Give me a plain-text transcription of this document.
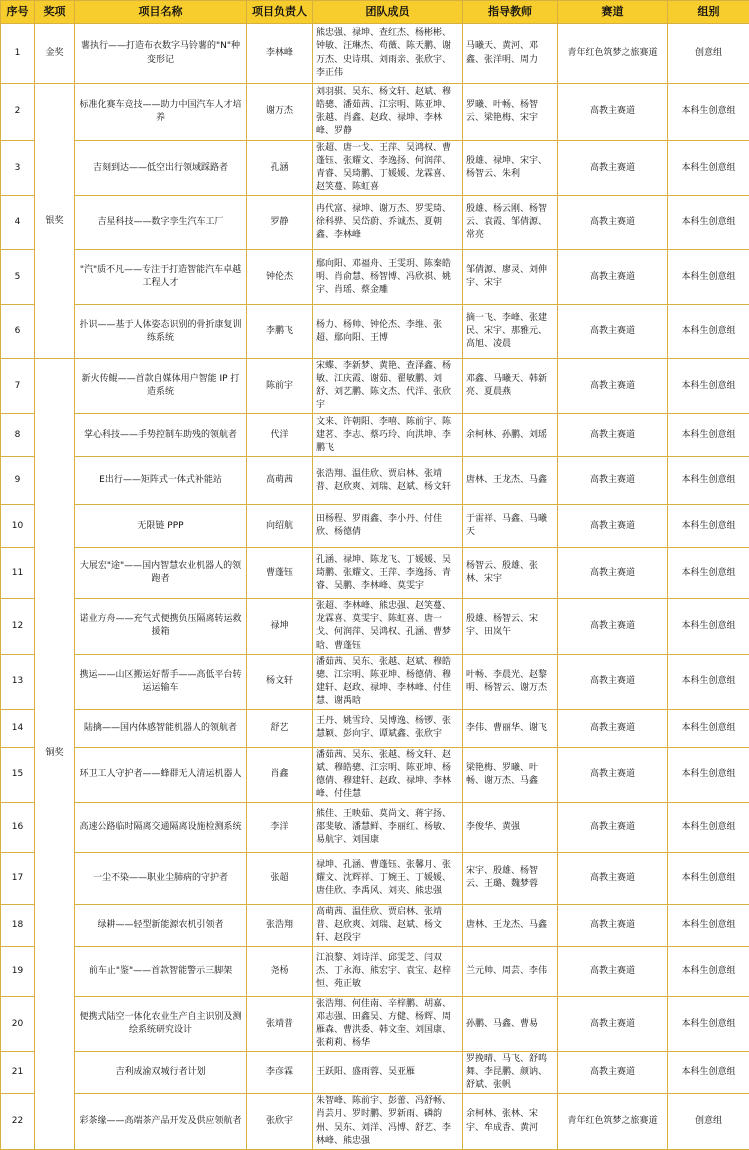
序号	奖项	项目名称	项目负责人	团队成员	指导教师	赛道	组别
1	金奖	薯执行——打造布衣数字马铃薯的"N"种变形记	李林峰	熊忠强、禄坤、查红杰、杨彬彬、钟敏、汪琳杰、苟薇、陈天鹏、谢万杰、史诗琪、刘雨亲、张欣宇、李正伟	马曦天、黄河、邓鑫、张洋明、周力	青年红色筑梦之旅赛道	创意组
2	银奖	标准化赛车竞技——助力中国汽车人才培养	谢万杰	刘羽骐、吴东、杨文轩、赵斌、穆皓骢、潘茹茜、江宗明、陈亚坤、张越、肖鑫、赵政、禄坤、李林峰、罗静	罗曦、叶畅、杨智云、梁艳梅、宋宇	高教主赛道	本科生创意组
3		吉刻到达——低空出行领域踩路者	孔涵	张超、唐一戈、王萍、吴鸿权、曹蓬钰、张耀文、李逸扬、何润萍、青睿、吴琦鹏、丁媛媛、龙霖喜、赵笑蔓、陈虹喜	殷雄、禄坤、宋宇、杨智云、朱利	高教主赛道	本科生创意组
4		吉星科技——数字孪生汽车工厂	罗静	冉代富、禄坤、谢万杰、罗雯琦、徐科骅、吴岱蔚、乔诚杰、夏朝鑫、李林峰	殷雄、杨云刚、杨智云、袁霞、邹倩源、常亮	高教主赛道	本科生创意组
5		"汽"质不凡——专注于打造智能汽车卓越工程人才	钟伦杰	鄢向阳、邓福舟、王雯玥、陈秦皓明、肖俞慧、杨智博、冯欣祺、姚宇、肖瑶、蔡金雕	邹倩源、廖灵、刘伸宇、宋宇	高教主赛道	本科生创意组
6		扑识——基于人体姿态识别的骨折康复训练系统	李鹏飞	杨力、杨帅、钟伦杰、李维、张超、鄢向阳、王博	摘一飞、李峰、张建民、宋宇、那雅元、高旭、凌晨	高教主赛道	本科生创意组
7	铜奖	新火传鲲——首款自媒体用户智能 IP 打造系统	陈前宇	宋蝶、李新梦、黄艳、查泽鑫、杨敏、江庆霞、谢茹、翟敏鹏、刘舒、刘艺鹏、陈文杰、代洋、张欣宇	邓鑫、马曦天、韩新亮、夏晨燕	高教主赛道	本科生创意组
8		掌心科技——手势控制车助残的领航者	代洋	文来、许朝阳、李嘻、陈前宇、陈建茗、李志、蔡巧玲、向洪坤、李鹏飞	余柯林、孙鹏、刘瑶	高教主赛道	本科生创意组
9		E出行——矩阵式一体式补能站	高萌茜	张浩翔、温佳欣、贾启林、张靖普、赵欣爽、刘瑞、赵斌、杨文轩	唐林、王龙杰、马鑫	高教主赛道	本科生创意组
10		无限链 PPP	向绍航	田杨程、罗雨鑫、李小丹、付佳欣、杨德倩	于雷祥、马鑫、马曦天	高教主赛道	本科生创意组
11		大展宏"途"——国内智慧农业机器人的领跑者	曹蓬钰	孔涵、禄坤、陈龙飞、丁媛媛、吴琦鹏、张耀文、王萍、李逸扬、青睿、吴鹏、李林峰、莫雯宇	杨智云、殷雄、张林、宋宇	高教主赛道	本科生创意组
12		诺业方舟——充气式便携负压隔离转运救援箱	禄坤	张超、李林峰、熊忠强、赵笑蔓、龙霖喜、莫雯宇、陈虹喜、唐一戈、何润萍、吴鸿权、孔涵、曹梦晗、曹蓬钰	殷雄、杨智云、宋宇、田岚午	高教主赛道	本科生创意组
13		携运——山区搬运好帮手——高低平台转运运输车	杨文轩	潘茹茜、吴东、张越、赵斌、穆皓骢、江宗明、陈亚坤、杨德倩、穆建轩、赵政、禄坤、李林峰、付佳慧、谢禹晗	叶畅、李晨光、赵黎明、杨智云、谢万杰	高教主赛道	本科生创意组
14		陆擒——国内体感智能机器人的领航者	舒艺	王丹、姚雪玲、吴博逸、杨锣、张慧颖、彭向宇、谭斌鑫、张欣宇	李伟、曹丽华、谢飞	高教主赛道	本科生创意组
15		环卫工人守护者——蜂群无人清运机器人	肖鑫	潘茹茜、吴东、张越、杨文轩、赵斌、穆皓骢、江宗明、陈亚坤、杨德倩、穆建轩、赵政、禄坤、李林峰、付佳慧	梁艳梅、罗曦、叶畅、谢万杰、马鑫	高教主赛道	本科生创意组
16		高速公路临时隔离交通隔离设施检测系统	李洋	熊佳、王映茹、莫尚文、蒋宇扬、邵斐敏、潘慧鲜、李丽红、杨敏、易航宇、刘国康	李俊华、黄强	高教主赛道	本科生创意组
17		一尘不染——职业尘肺病的守护者	张超	禄坤、孔涵、曹蓬钰、张馨月、张耀文、沈辉祥、丁婉王、丁媛媛、唐佳欣、李禹风、刘夹、熊忠强	宋宇、殷雄、杨智云、王璐、魏梦蓉	高教主赛道	本科生创意组
18		绿耕——轻型新能源农机引领者	张浩翔	高萌茜、温佳欣、贾启林、张靖普、赵欣爽、刘瑞、赵斌、杨文轩、赵段宇	唐林、王龙杰、马鑫	高教主赛道	本科生创意组
19		前车止"鉴"——首款智能警示三脚架	尧杨	江浪黎、刘诗洋、邱雯芝、闫双杰、丁永海、熊宏宇、袁宝、赵梓恒、苑正敏	兰元帅、周芸、李伟	高教主赛道	本科生创意组
20		便携式陆空一体化农业生产自主识别及测绘系统研究设计	张靖普	张浩翔、何佳南、辛梓鹏、胡嘉、邓志强、田鑫吴、方健、杨辉、周雁森、曹洪委、韩文奎、刘国康、张莉莉、杨华	孙鹏、马鑫、曹易	高教主赛道	本科生创意组
21		吉利成渝双城行者计划	李彦霖	王跃阳、盛雨蓉、吴亚雁	罗挽晴、马飞、舒鸣舞、李昆鹏、颜讷、舒斌、张帆	高教主赛道	本科生创意组
22		彩茶缘——高端茶产品开发及供应领航者	张欣宇	朱智峰、陈前宇、彭蕾、冯舒畅、肖芸月、罗时鹏、罗新雨、磷韵州、吴东、刘洋、冯博、舒艺、李林峰、熊忠强	余柯林、张林、宋宇、牟成香、黄河	青年红色筑梦之旅赛道	创意组
